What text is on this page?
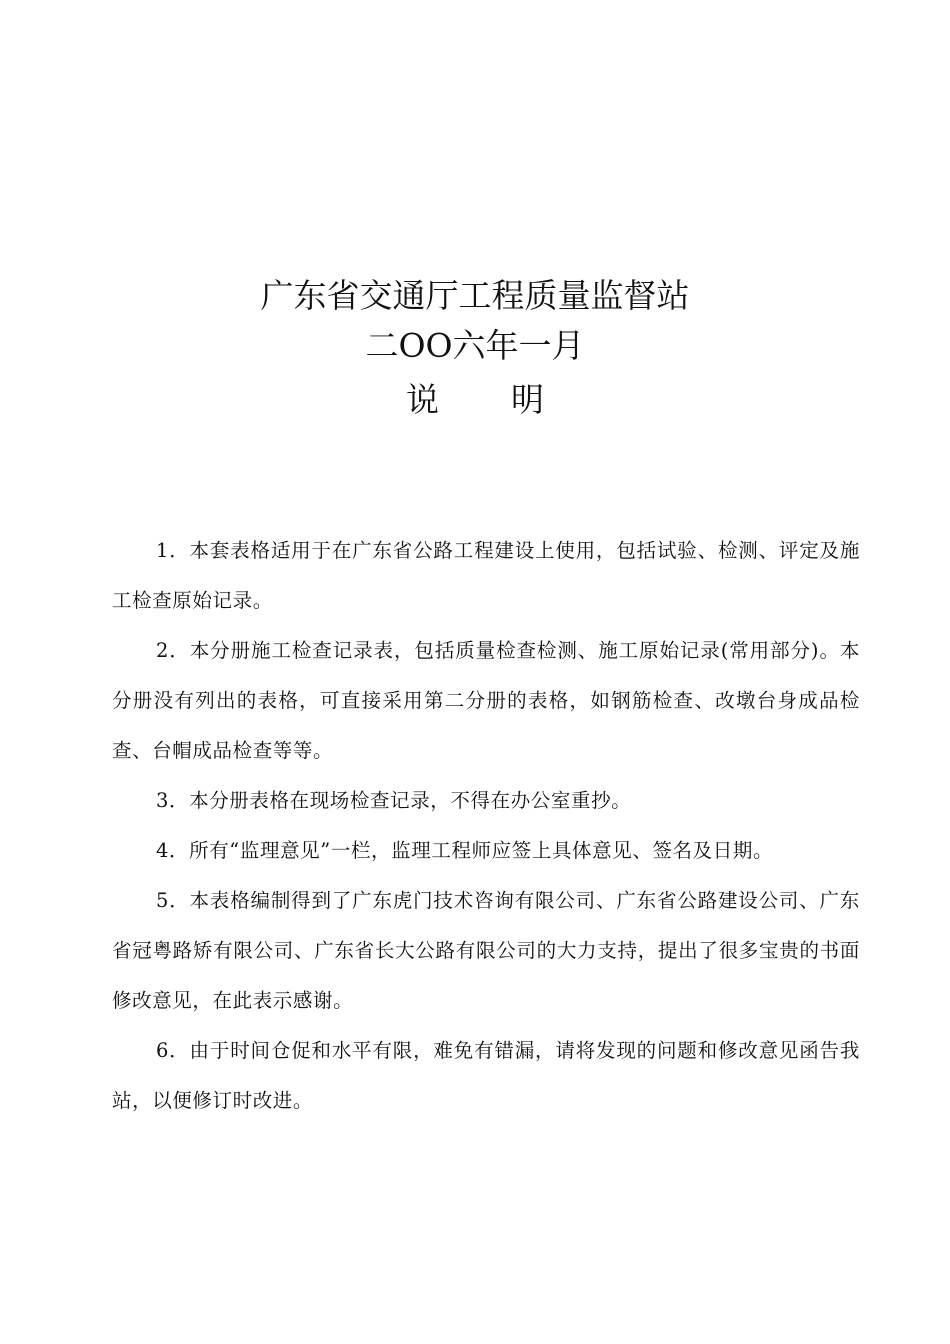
广东省交通厅工程质量监督站
二OO六年一月
说 明

1．本套表格适用于在广东省公路工程建设上使用，包括试验、检测、评定及施工检查原始记录。

2．本分册施工检查记录表，包括质量检查检测、施工原始记录(常用部分)。本分册没有列出的表格，可直接采用第二分册的表格，如钢筋检查、改墩台身成品检查、台帽成品检查等等。

3．本分册表格在现场检查记录，不得在办公室重抄。

4．所有“监理意见”一栏，监理工程师应签上具体意见、签名及日期。

5．本表格编制得到了广东虎门技术咨询有限公司、广东省公路建设公司、广东省冠粤路矫有限公司、广东省长大公路有限公司的大力支持，提出了很多宝贵的书面修改意见，在此表示感谢。

6．由于时间仓促和水平有限，难免有错漏，请将发现的问题和修改意见函告我站，以便修订时改进。
